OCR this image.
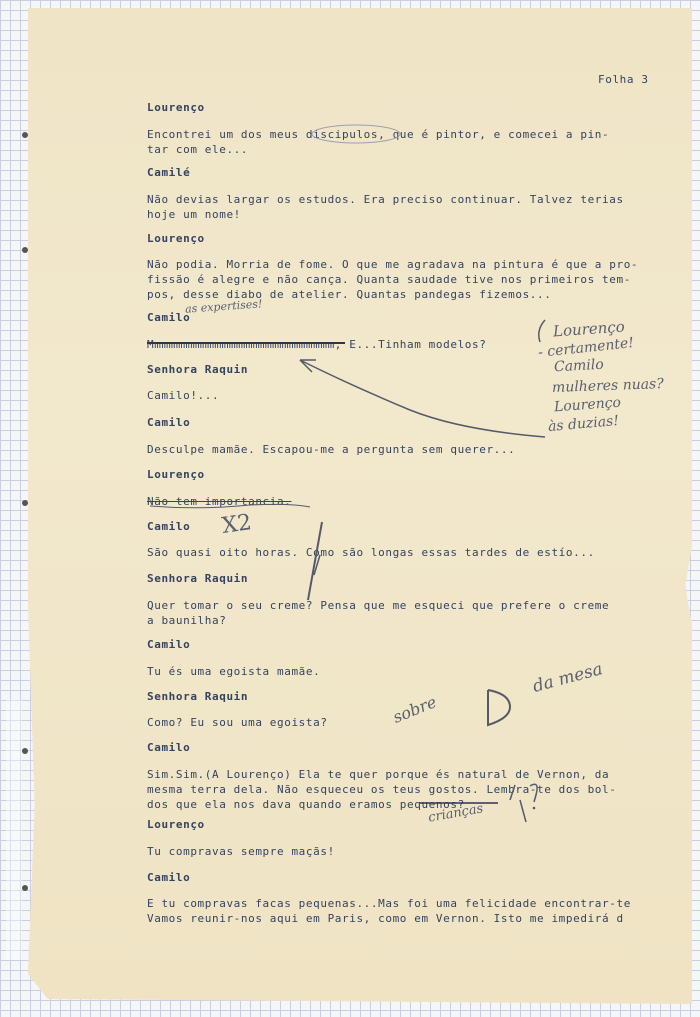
Folha 3
Lourenço
Encontrei um dos meus discipulos, que é pintor, e comecei a pin-
tar com ele...
Camilé
Não devias largar os estudos. Era preciso continuar. Talvez terias
hoje um nome!
Lourenço
Não podia. Morria de fome. O que me agradava na pintura é que a pro-
fissão é alegre e não cança. Quanta saudade tive nos primeiros tem-
pos, desse diabo de atelier. Quantas pandegas fizemos...
Camilo
Mmmmmmmmmmmmmmmmmmmmmmmmmm, E...Tinham modelos?
Senhora Raquin
Camilo!...
Camilo
Desculpe mamãe. Escapou-me a pergunta sem querer...
Lourenço
Não tem importancia.
Camilo
São quasi oito horas. Como são longas essas tardes de estío...
Senhora Raquin
Quer tomar o seu creme? Pensa que me esqueci que prefere o creme
a baunilha?
Camilo
Tu és uma egoista mamãe.
Senhora Raquin
Como? Eu sou uma egoista?
Camilo
Sim.Sim.(A Lourenço) Ela te quer porque és natural de Vernon, da
mesma terra dela. Não esqueceu os teus gostos. Lembra-te dos bol-
dos que ela nos dava quando eramos pequenos?
Lourenço
Tu compravas sempre maçãs!
Camilo
E tu compravas facas pequenas...Mas foi uma felicidade encontrar-te
Vamos reunir-nos aqui em Paris, como em Vernon. Isto me impedirá d
as expertises!
Lourenço
- certamente!
Camilo
mulheres nuas?
Lourenço
às duzias!
X2
sobre
da mesa
crianças
